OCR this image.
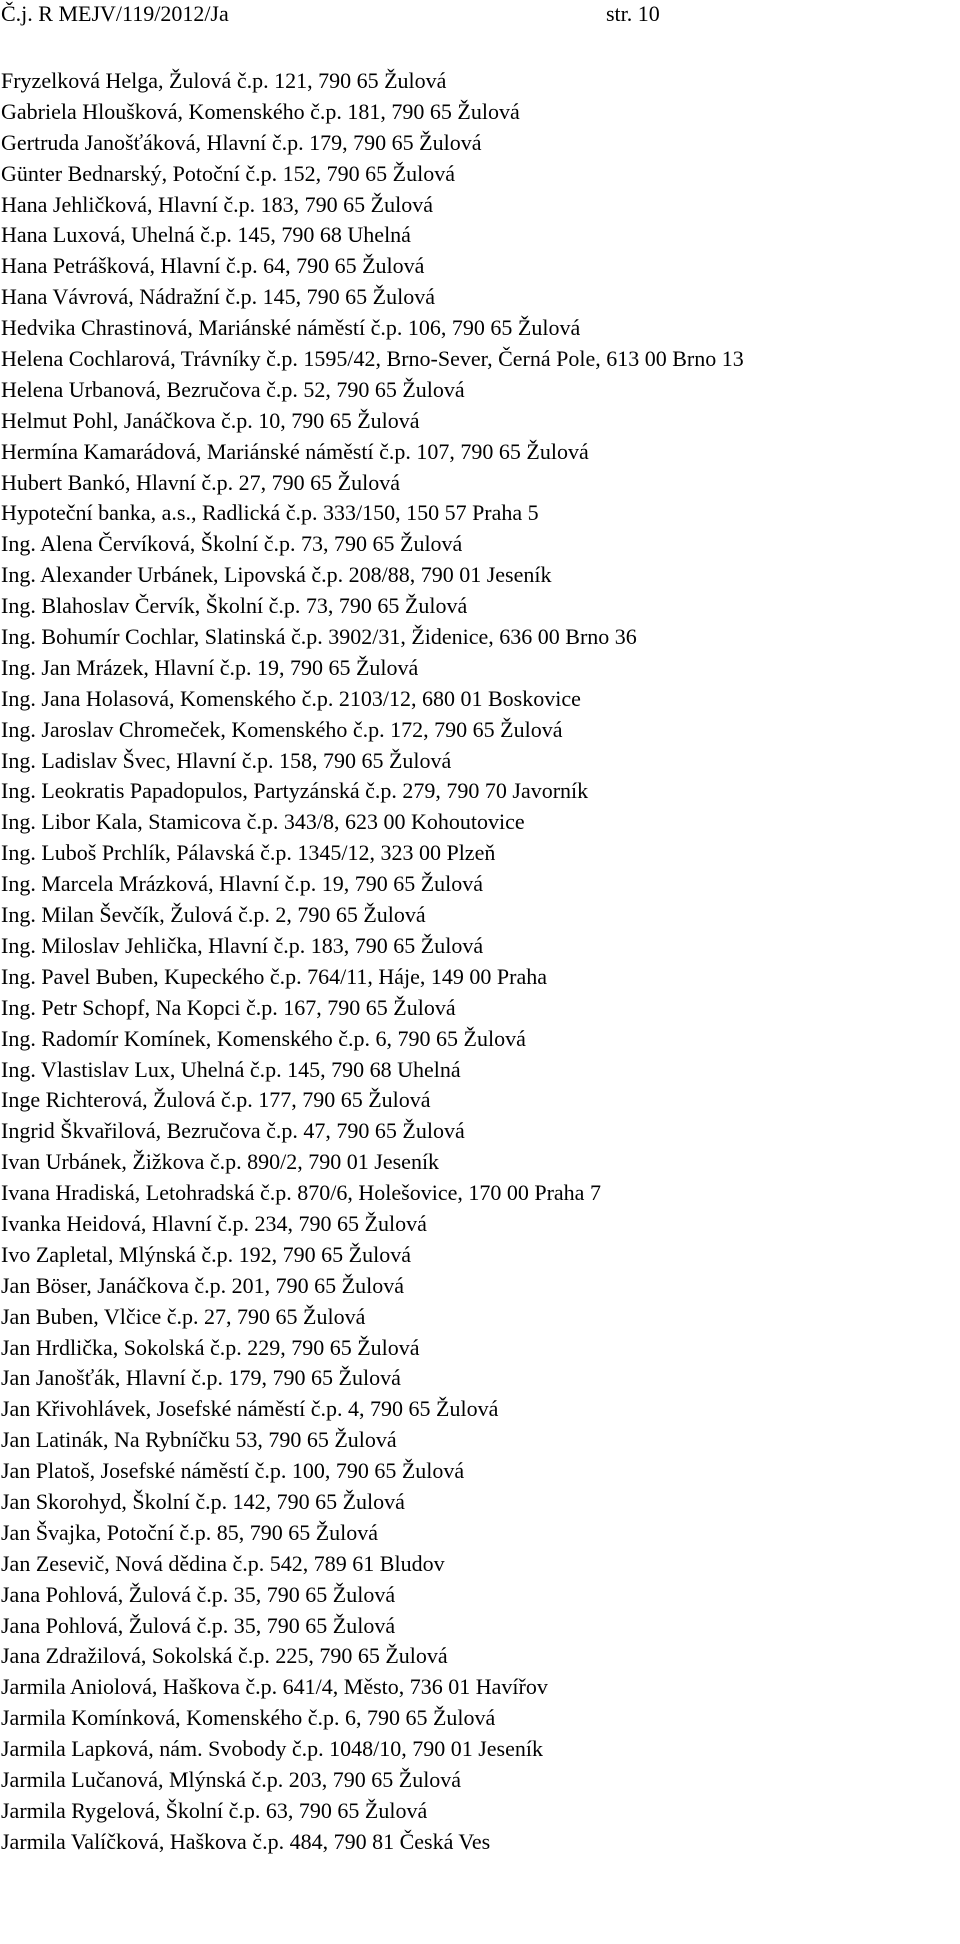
Č.j. R MEJV/119/2012/Ja	str. 10
Fryzelková Helga, Žulová č.p. 121, 790 65 Žulová
Gabriela Hloušková, Komenského č.p. 181, 790 65 Žulová
Gertruda Janošťáková, Hlavní č.p. 179, 790 65 Žulová
Günter Bednarský, Potoční č.p. 152, 790 65 Žulová
Hana Jehličková, Hlavní č.p. 183, 790 65 Žulová
Hana Luxová, Uhelná č.p. 145, 790 68 Uhelná
Hana Petrášková, Hlavní č.p. 64, 790 65 Žulová
Hana Vávrová, Nádražní č.p. 145, 790 65 Žulová
Hedvika Chrastinová, Mariánské náměstí č.p. 106, 790 65 Žulová
Helena Cochlarová, Trávníky č.p. 1595/42, Brno-Sever, Černá Pole, 613 00 Brno 13
Helena Urbanová, Bezručova č.p. 52, 790 65 Žulová
Helmut Pohl, Janáčkova č.p. 10, 790 65 Žulová
Hermína Kamarádová, Mariánské náměstí č.p. 107, 790 65 Žulová
Hubert Bankó, Hlavní č.p. 27, 790 65 Žulová
Hypoteční banka, a.s., Radlická č.p. 333/150, 150 57 Praha 5
Ing. Alena Červíková, Školní č.p. 73, 790 65 Žulová
Ing. Alexander Urbánek, Lipovská č.p. 208/88, 790 01 Jeseník
Ing. Blahoslav Červík, Školní č.p. 73, 790 65 Žulová
Ing. Bohumír Cochlar, Slatinská č.p. 3902/31, Židenice, 636 00 Brno 36
Ing. Jan Mrázek, Hlavní č.p. 19, 790 65 Žulová
Ing. Jana Holasová, Komenského č.p. 2103/12, 680 01 Boskovice
Ing. Jaroslav Chromeček, Komenského č.p. 172, 790 65 Žulová
Ing. Ladislav Švec, Hlavní č.p. 158, 790 65 Žulová
Ing. Leokratis Papadopulos, Partyzánská č.p. 279, 790 70 Javorník
Ing. Libor Kala, Stamicova č.p. 343/8, 623 00 Kohoutovice
Ing. Luboš Prchlík, Pálavská č.p. 1345/12, 323 00 Plzeň
Ing. Marcela Mrázková, Hlavní č.p. 19, 790 65 Žulová
Ing. Milan Ševčík, Žulová č.p. 2, 790 65 Žulová
Ing. Miloslav Jehlička, Hlavní č.p. 183, 790 65 Žulová
Ing. Pavel Buben, Kupeckého č.p. 764/11, Háje, 149 00 Praha
Ing. Petr Schopf, Na Kopci č.p. 167, 790 65 Žulová
Ing. Radomír Komínek, Komenského č.p. 6, 790 65 Žulová
Ing. Vlastislav Lux, Uhelná č.p. 145, 790 68 Uhelná
Inge Richterová, Žulová č.p. 177, 790 65 Žulová
Ingrid Škvařilová, Bezručova č.p. 47, 790 65 Žulová
Ivan Urbánek, Žižkova č.p. 890/2, 790 01 Jeseník
Ivana Hradiská, Letohradská č.p. 870/6, Holešovice, 170 00 Praha 7
Ivanka Heidová, Hlavní č.p. 234, 790 65 Žulová
Ivo Zapletal, Mlýnská č.p. 192, 790 65 Žulová
Jan Böser, Janáčkova č.p. 201, 790 65 Žulová
Jan Buben, Vlčice č.p. 27, 790 65 Žulová
Jan Hrdlička, Sokolská č.p. 229, 790 65 Žulová
Jan Janošťák, Hlavní č.p. 179, 790 65 Žulová
Jan Křivohlávek, Josefské náměstí č.p. 4, 790 65 Žulová
Jan Latinák, Na Rybníčku 53, 790 65 Žulová
Jan Platoš, Josefské náměstí č.p. 100, 790 65 Žulová
Jan Skorohyd, Školní č.p. 142, 790 65 Žulová
Jan Švajka, Potoční č.p. 85, 790 65 Žulová
Jan Zesevič, Nová dědina č.p. 542, 789 61 Bludov
Jana Pohlová, Žulová č.p. 35, 790 65 Žulová
Jana Pohlová, Žulová č.p. 35, 790 65 Žulová
Jana Zdražilová, Sokolská č.p. 225, 790 65 Žulová
Jarmila Aniolová, Haškova č.p. 641/4, Město, 736 01 Havířov
Jarmila Komínková, Komenského č.p. 6, 790 65 Žulová
Jarmila Lapková, nám. Svobody č.p. 1048/10, 790 01 Jeseník
Jarmila Lučanová, Mlýnská č.p. 203, 790 65 Žulová
Jarmila Rygelová, Školní č.p. 63, 790 65 Žulová
Jarmila Valíčková, Haškova č.p. 484, 790 81 Česká Ves
